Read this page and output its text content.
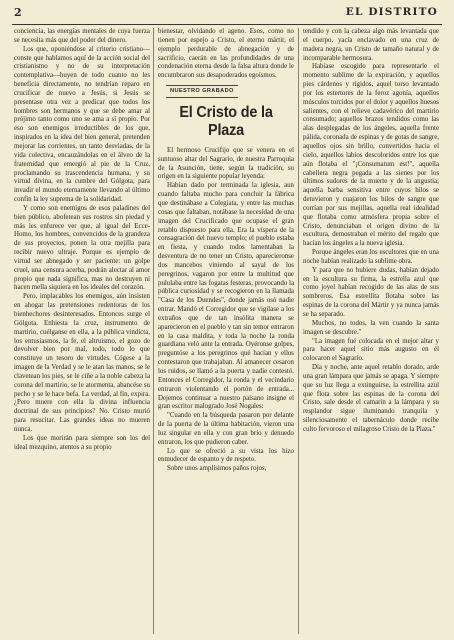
2	EL DISTRITO

conciencia, las energías mentales de cuya fuerza se necesita más que del poder del dinero.

Los que, oponiéndose al criterio cristiano—conste que hablamos aquí de la acción social del cristianismo y no de su interpretación contemplativa—huyen de todo cuanto no les beneficia directamente, no tendrían reparo en crucificar de nuevo a Jesús, si Jesús se presentase otra vez a predicar que todos los hombres son hermanos y que se debe amar al prójimo tanto como uno se ama a sí propio. Por eso son enemigos irreductibles de los que, inspirados en la idea del bien general, pretenden mejorar las corrientes, un tanto desviadas, de la vida colectiva, encauzándolas en el álveo de la fraternidad que emergió al pie de la Cruz, proclamando su trascendencia humana, y su virtud divina, en la cumbre del Gólgota, para invadir el mundo eternamente llevando al último confín la ley suprema de la solidaridad.

Y como son enemigos de esos paladines del bien público, abofetean sus rostros sin piedad y más les enfurece ver que, al igual del Ecce-Homo, los hombres, convencidos de la grandeza de sus proyectos, ponen la otra mejilla para recibir nuevo ultraje. Porque es ejemplo de virtud ser abnegado y ser paciente: un golpe cruel, una censura acerba, podrán alectar al amor propio que nada significa, mas no destruyen ni hacen mella siquiera en los ideales del corazón.

Pero, implacables los enemigos, aún insisten en ahogar las pretensiones redentoras de los bienhechores desinteresados. Entonces surge el Gólgota. Enhiesta la cruz, instrumento de martirio, cuélganse en ella, a la pública vindicta, los entusiasmos, la fe, el altruismo, el gozo de devolver bien por mal, todo, todo lo que constituye un tesoro de virtudes. Cógese a la imagen de la Verdad y se le atan las manos, se le clavetean los pies, se le ciñe a la noble cabeza la corona del martirio, se le atormenta, abancése su pecho y se le hace befa. La verdad, al fin, expira. ¿Pero muere con ella la divina influencia doctrinal de sus principios? No. Cristo murió para resucitar. Las grandes ideas no mueren nunca.

Los que morirán para siempre son los del ideal mezquino, atentos a su propio

bienestar, olvidando el ageno. Esos, como no tienen por espejo a Cristo, el eterno mártir, el ejemplo perdurable de abnegación y de sacrificio, caerán en las profundidades de una condenación eterna desde la falsa altura donde le encumbraron sus desapoderados egoísmos.

NUESTRO GRABADO
El Cristo de la Plaza

El hermoso Crucifijo que se venera en el suntuoso altar del Sagrario, de nuestra Parroquia de la Asunción, tiene, según la tradición, su origen en la siguiente popular leyenda:

Habían dado por terminada la iglesia, aun cuando faltaba mucho para concluir la fábrica que destinábase a Colegiata, y entre las muchas cosas que faltaban, notábase la necesidad de una imagen del Crucificado que ocupase el gran retablo dispuesto para ella. Era la víspera de la consagración del nuevo templo; el pueblo estaba en fiesta, y cuando todos lamentaban la desventura de no tener un Cristo, aparecieronse dos mancebos viniendo al sayal de los peregrinos, vagaron por entre la multitud que pululaba entre las fogatas festeras, provocando la pública curiosidad y se recogieron en la llamada "Casa de los Duendes", donde jamás osó nadie entrar. Mandó el Corregidor que se vigilase a los extraños que de tan insólita manera se aparecieron en el pueblo y tan sin temor entraron en la casa maldita, y toda la noche la ronda guardiana veló ante la entrada. Oyéronse golpes, preguntóse a los peregrinos qué hacían y ellos contestaron que trabajaban. Al amanecer cesaron los ruidos, se llamó a la puerta y nadie contestó. Entonces el Corregidor, la ronda y el vecindario entraron violentando el portón de entrada... Dejemos continuar a nuestro paisano insigne el gran escritor malogrado José Nogales:

"Cuando en la búsqueda pasaron por delante de la puerta de la última habitación, vieron una luz singular en ella y con gran brío y denuedo entraron, los que pudieron caber.

Lo que se ofreció a su vista los hizo enmudecer de espanto y de respeto.

Sobre unos amplísimos paños rojos,

tendido y con la cabeza algo más levantada que el cuerpo, yacía enclavado en una cruz de madera negra, un Cristo de tamaño natural y de incomparable hermosura.

Habíase escogido para representarle el momento sublime de la expiración, y aquellos pies cárdenos y rígidos, aquel torso levantado por los estertores de la feroz agonía, aquellos músculos torcidos por el dolor y aquellos huesos salientes, con el relieve cadavérico del martirio consumado; aquellos brazos tendidos como las alas desplegadas de los ángeles, aquella frente pálida, coronada de espinas y de gotas de sangre, aquellos ojos sin brillo, convertidos hacia el cielo, aquellos labios descoloridos entre los que aún flotaba el "¡Consumatum est!", aquella cabellera negra pegada a las sienes por los últimos sudores de la muerte y de la angustia; aquella barba sensitiva entre cuyos hilos se detuvieron y cuajaron los hilos de sangre que corrían por sus mejillas, aquella real idealidad que flotaba como atmósfera propia sobre el Cristo, denunciaban el origen divino de la escultura, demostraban el mérito del regalo que hacían los ángeles a la nueva iglesia.

Porque ángeles eran los escultores que en una noche habían realizado la sublime obra.

Y para que no hubiere dudas, habían dejado en la escultura su firma, la estrella azul que como joyel habían recogido de las alas de sus sombreros. Esa estrellita flotaba sobre las espinas de la corona del Mártir y ya nunca jamás se ha separado.

Muchos, no todos, la ven cuando la santa imagen se descubre."

"La imagen fué colocada en el mejor altar y para hacer aquel sitio más augusto en él colocaron el Sagrario.

Día y noche, ante aquel retablo dorado, arde una gran lámpara que jamás se apaga. Y siempre que su luz llega a extinguirse, la estrellita azul que flota sobre las espinas de la corona del Cristo, sale desde el camarín a la lámpara y su resplandor sigue iluminando tranquila y silenciosamente el tabernáculo donde recibe culto fervoroso el milagroso Cristo de la Plaza."
